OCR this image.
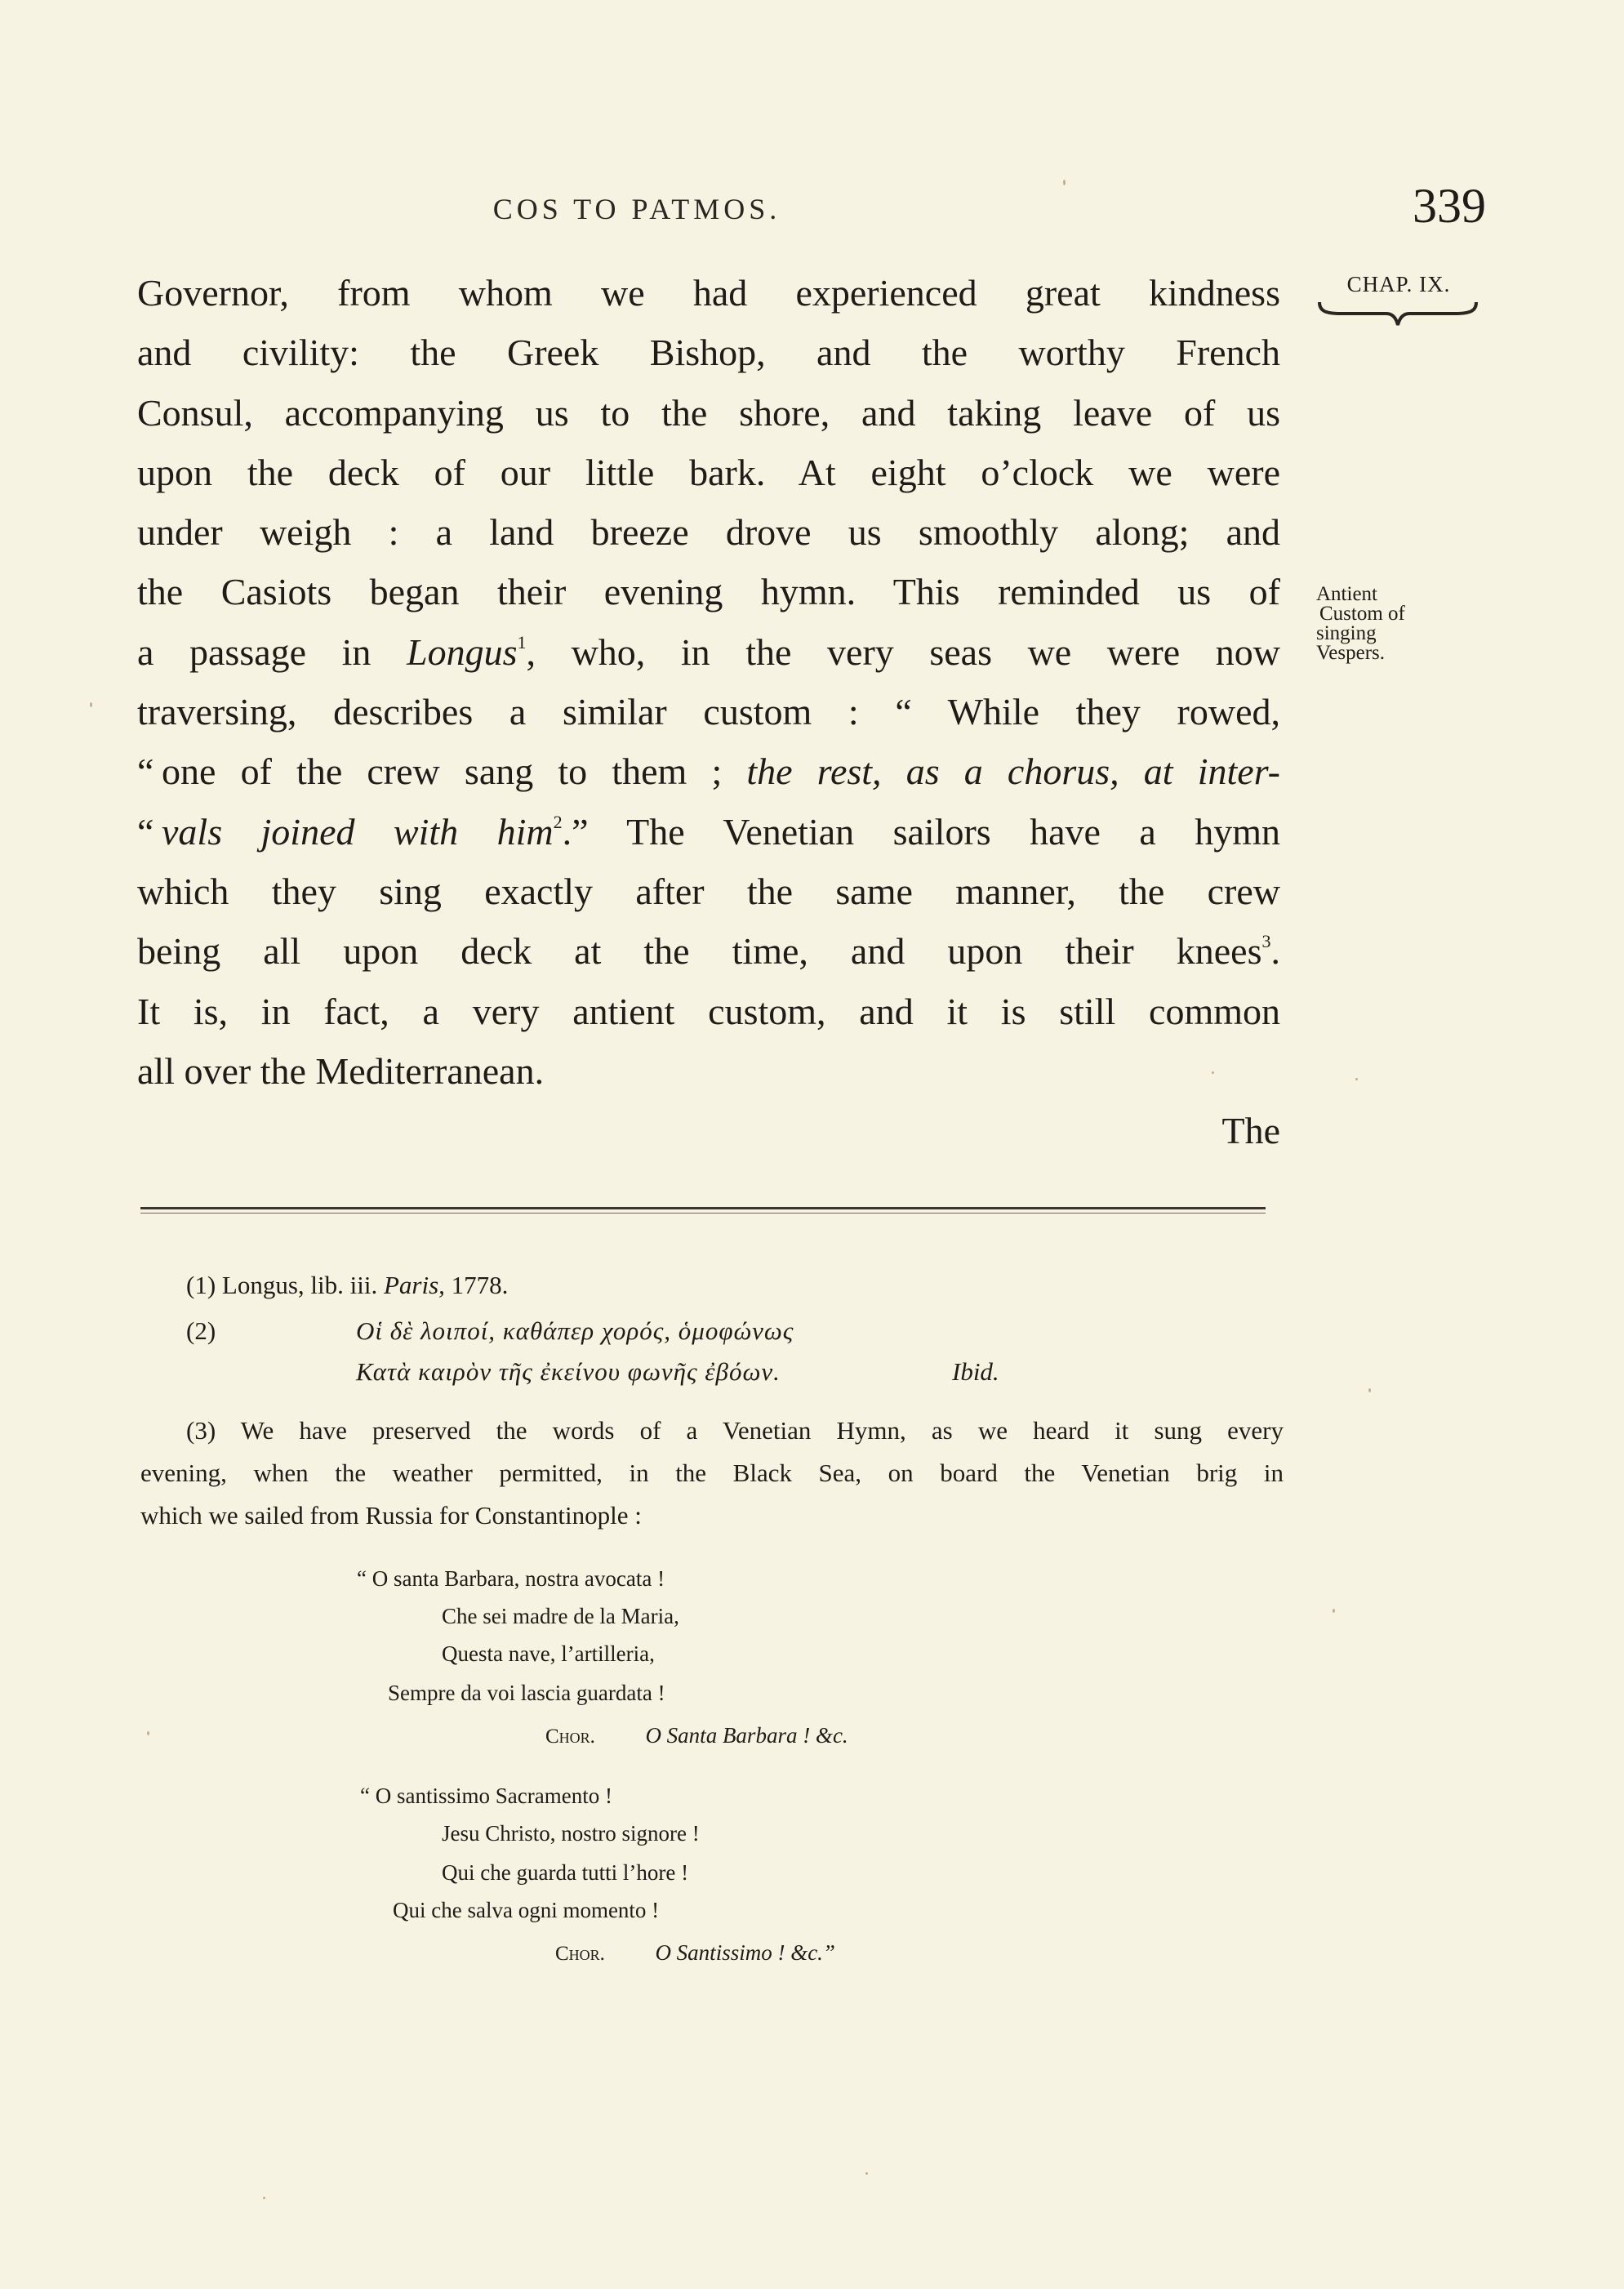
COS TO PATMOS.	339
CHAP. IX.
Antient
Custom of
singing
Vespers.
Governor, from whom we had experienced great kindness
and civility: the Greek Bishop, and the worthy French
Consul, accompanying us to the shore, and taking leave of us
upon the deck of our little bark. At eight o’clock we were
under weigh : a land breeze drove us smoothly along; and
the Casiots began their evening hymn. This reminded us of
a passage in Longus$^1$, who, in the very seas we were now
traversing, describes a similar custom : “ While they rowed,
“ one of the crew sang to them ; the rest, as a chorus, at inter-
“ vals joined with him$^2$.” The Venetian sailors have a hymn
which they sing exactly after the same manner, the crew
being all upon deck at the time, and upon their knees$^3$.
It is, in fact, a very antient custom, and it is still common
all over the Mediterranean.
The
(1) Longus, lib. iii. Paris, 1778.
(2)	Οἱ δὲ λοιποί, καθάπερ χορός, ὁμοφώνως
Κατὰ καιρὸν τῆς ἐκείνου φωνῆς ἐβόων.	Ibid.
(3) We have preserved the words of a Venetian Hymn, as we heard it sung every
evening, when the weather permitted, in the Black Sea, on board the Venetian brig in
which we sailed from Russia for Constantinople :
“ O santa Barbara, nostra avocata !
Che sei madre de la Maria,
Questa nave, l’artilleria,
Sempre da voi lascia guardata !
Chor. O Santa Barbara ! &c.
“ O santissimo Sacramento !
Jesu Christo, nostro signore !
Qui che guarda tutti l’hore !
Qui che salva ogni momento !
Chor. O Santissimo ! &c.”
